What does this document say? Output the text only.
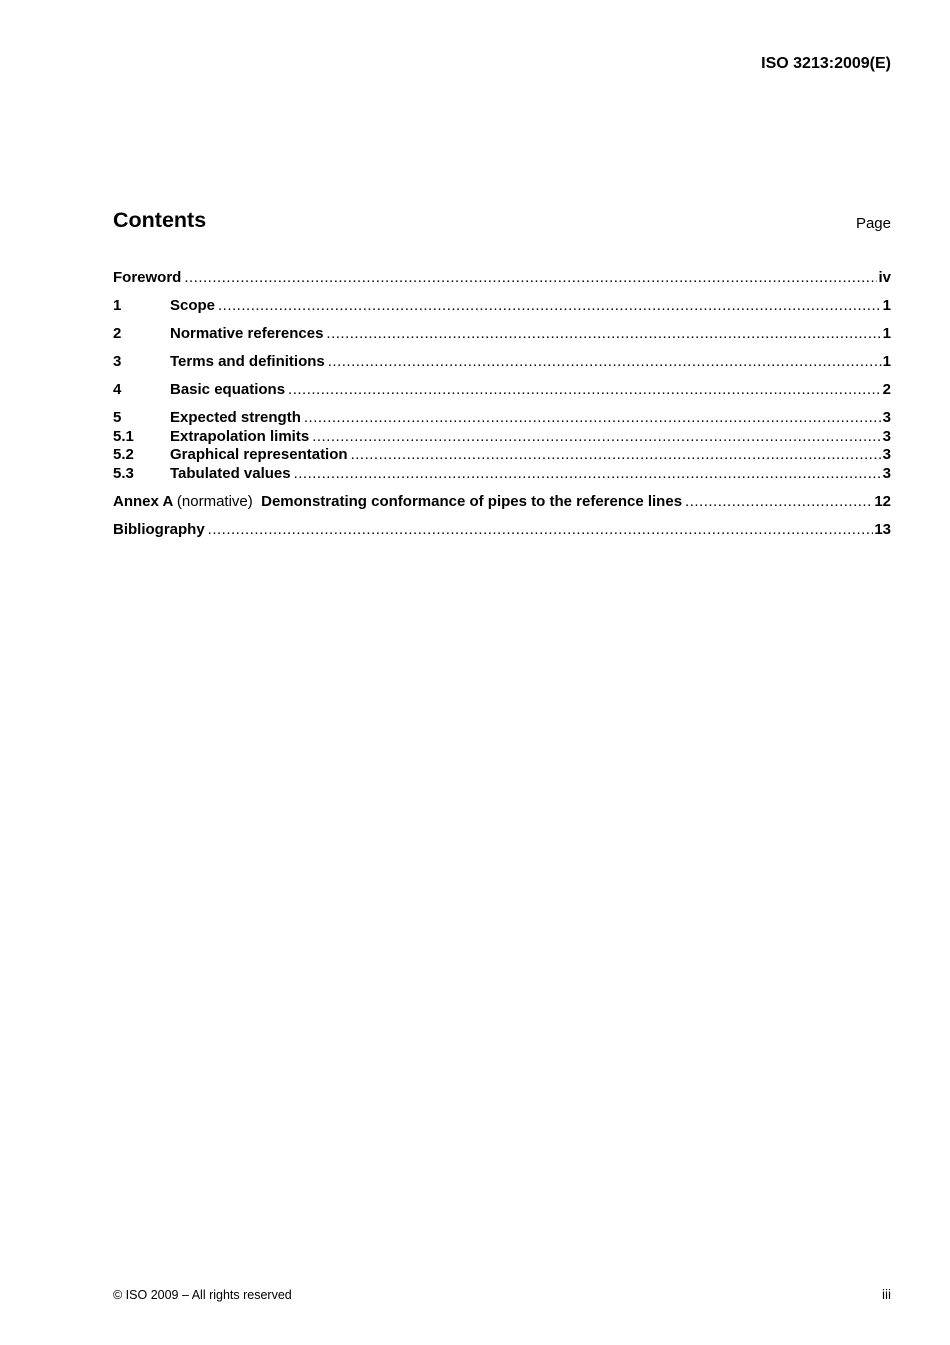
ISO 3213:2009(E)
Contents	Page
Foreword .....	iv
1	Scope .....	1
2	Normative references .....	1
3	Terms and definitions .....	1
4	Basic equations .....	2
5	Expected strength .....	3
5.1	Extrapolation limits .....	3
5.2	Graphical representation .....	3
5.3	Tabulated values .....	3
Annex A (normative) Demonstrating conformance of pipes to the reference lines .....	12
Bibliography .....	13
© ISO 2009 – All rights reserved	iii
